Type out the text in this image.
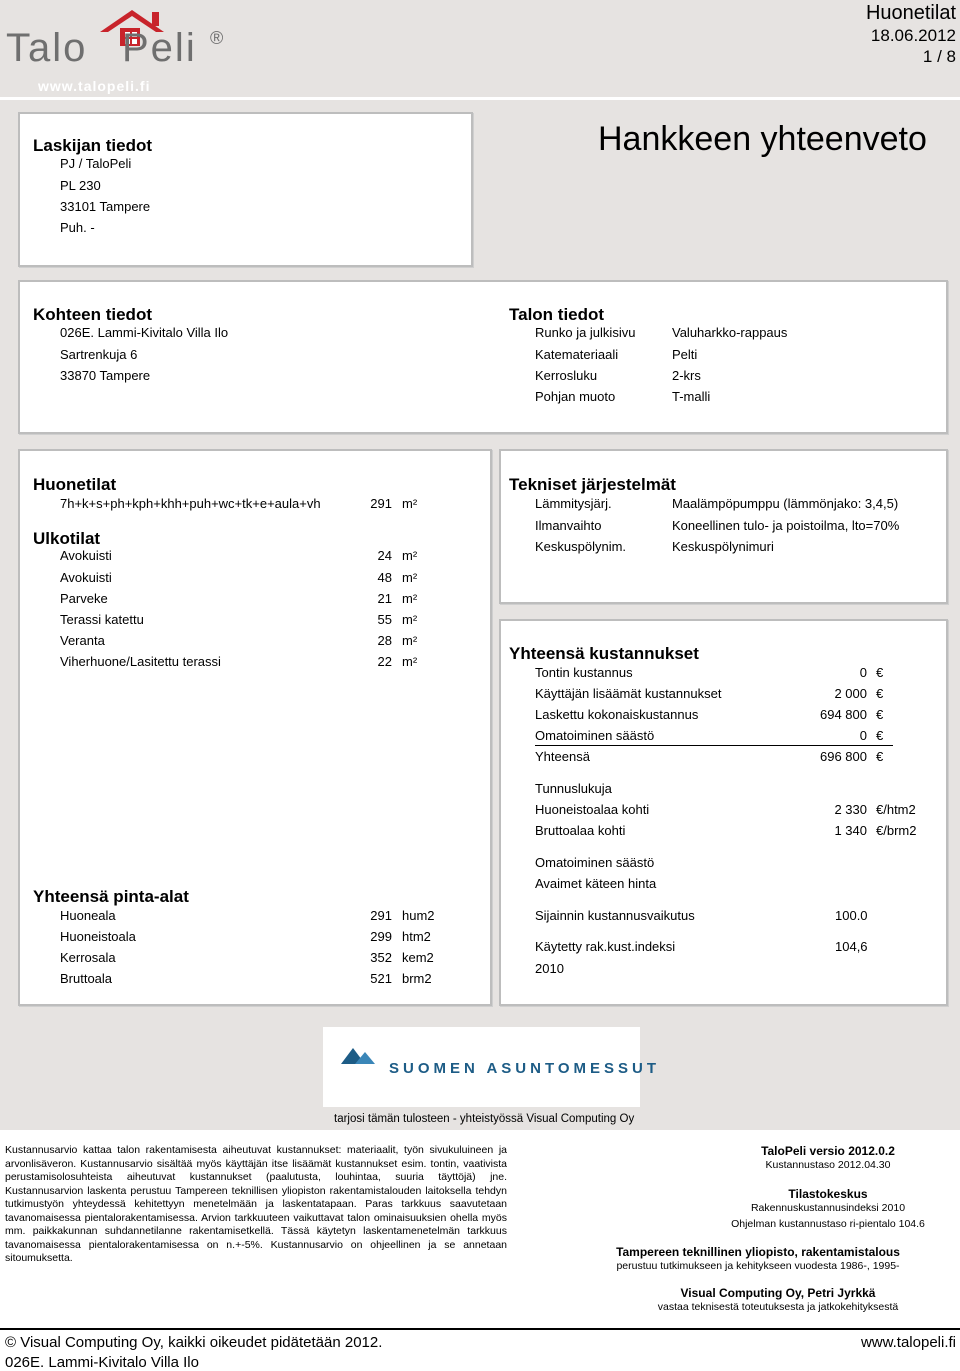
Talo Peli ®
www.talopeli.fi
Huonetilat
18.06.2012
1 / 8
Laskijan tiedot
PJ / TaloPeli
PL 230
33101 Tampere
Puh. -
Hankkeen yhteenveto
Kohteen tiedot
026E. Lammi-Kivitalo Villa Ilo
Sartrenkuja 6
33870 Tampere
Talon tiedot
Runko ja julkisivu	Valuharkko-rappaus
Katemateriaali	Pelti
Kerrosluku	2-krs
Pohjan muoto	T-malli
Huonetilat
7h+k+s+ph+kph+khh+puh+wc+tk+e+aula+vh	291 m²
Ulkotilat
Avokuisti	24 m²
Avokuisti	48 m²
Parveke	21 m²
Terassi katettu	55 m²
Veranta	28 m²
Viherhuone/Lasitettu terassi	22 m²
Yhteensä pinta-alat
Huoneala	291 hum2
Huoneistoala	299 htm2
Kerrosala	352 kem2
Bruttoala	521 brm2
Tekniset järjestelmät
Lämmitysjärj.	Maalämpöpumppu (lämmönjako: 3,4,5)
Ilmanvaihto	Koneellinen tulo- ja poistoilma, lto=70%
Keskuspölynim.	Keskuspölynimuri
Yhteensä kustannukset
Tontin kustannus	0 €
Käyttäjän lisäämät kustannukset	2 000 €
Laskettu kokonaiskustannus	694 800 €
Omatoiminen säästö	0 €
Yhteensä	696 800 €
Tunnuslukuja
Huoneistoalaa kohti	2 330 €/htm2
Bruttoalaa kohti	1 340 €/brm2
Omatoiminen säästö
Avaimet käteen hinta
Sijainnin kustannusvaikutus	100.0
Käytetty rak.kust.indeksi	104,6
2010
SUOMEN ASUNTOMESSUT
tarjosi tämän tulosteen - yhteistyössä Visual Computing Oy
Kustannusarvio kattaa talon rakentamisesta aiheutuvat kustannukset: materiaalit, työn sivukuluineen ja arvonlisäveron. Kustannusarvio sisältää myös käyttäjän itse lisäämät kustannukset esim. tontin, vaativista perustamisolosuhteista aiheutuvat kustannukset (paalutusta, louhintaa, suuria täyttöjä) jne. Kustannusarvion laskenta perustuu Tampereen teknillisen yliopiston rakentamistalouden laitoksella tehdyn tutkimustyön yhteydessä kehitettyyn menetelmään ja laskentatapaan. Paras tarkkuus saavutetaan tavanomaisessa pientalorakentamisessa. Arvion tarkkuuteen vaikuttavat talon ominaisuuksien ohella myös mm. paikkakunnan suhdannetilanne rakentamisetkellä. Tässä käytetyn laskentamenetelmän tarkkuus tavanomaisessa pientalorakentamisessa on n.+-5%. Kustannusarvio on ohjeellinen ja se annetaan sitoumuksetta.
TaloPeli versio 2012.0.2
Kustannustaso 2012.04.30
Tilastokeskus
Rakennuskustannusindeksi 2010
Ohjelman kustannustaso ri-pientalo 104.6
Tampereen teknillinen yliopisto, rakentamistalous
perustuu tutkimukseen ja kehitykseen vuodesta 1986-, 1995-
Visual Computing Oy, Petri Jyrkkä
vastaa teknisestä toteutuksesta ja jatkokehityksestä
© Visual Computing Oy, kaikki oikeudet pidätetään 2012.
026E. Lammi-Kivitalo Villa Ilo
www.talopeli.fi
